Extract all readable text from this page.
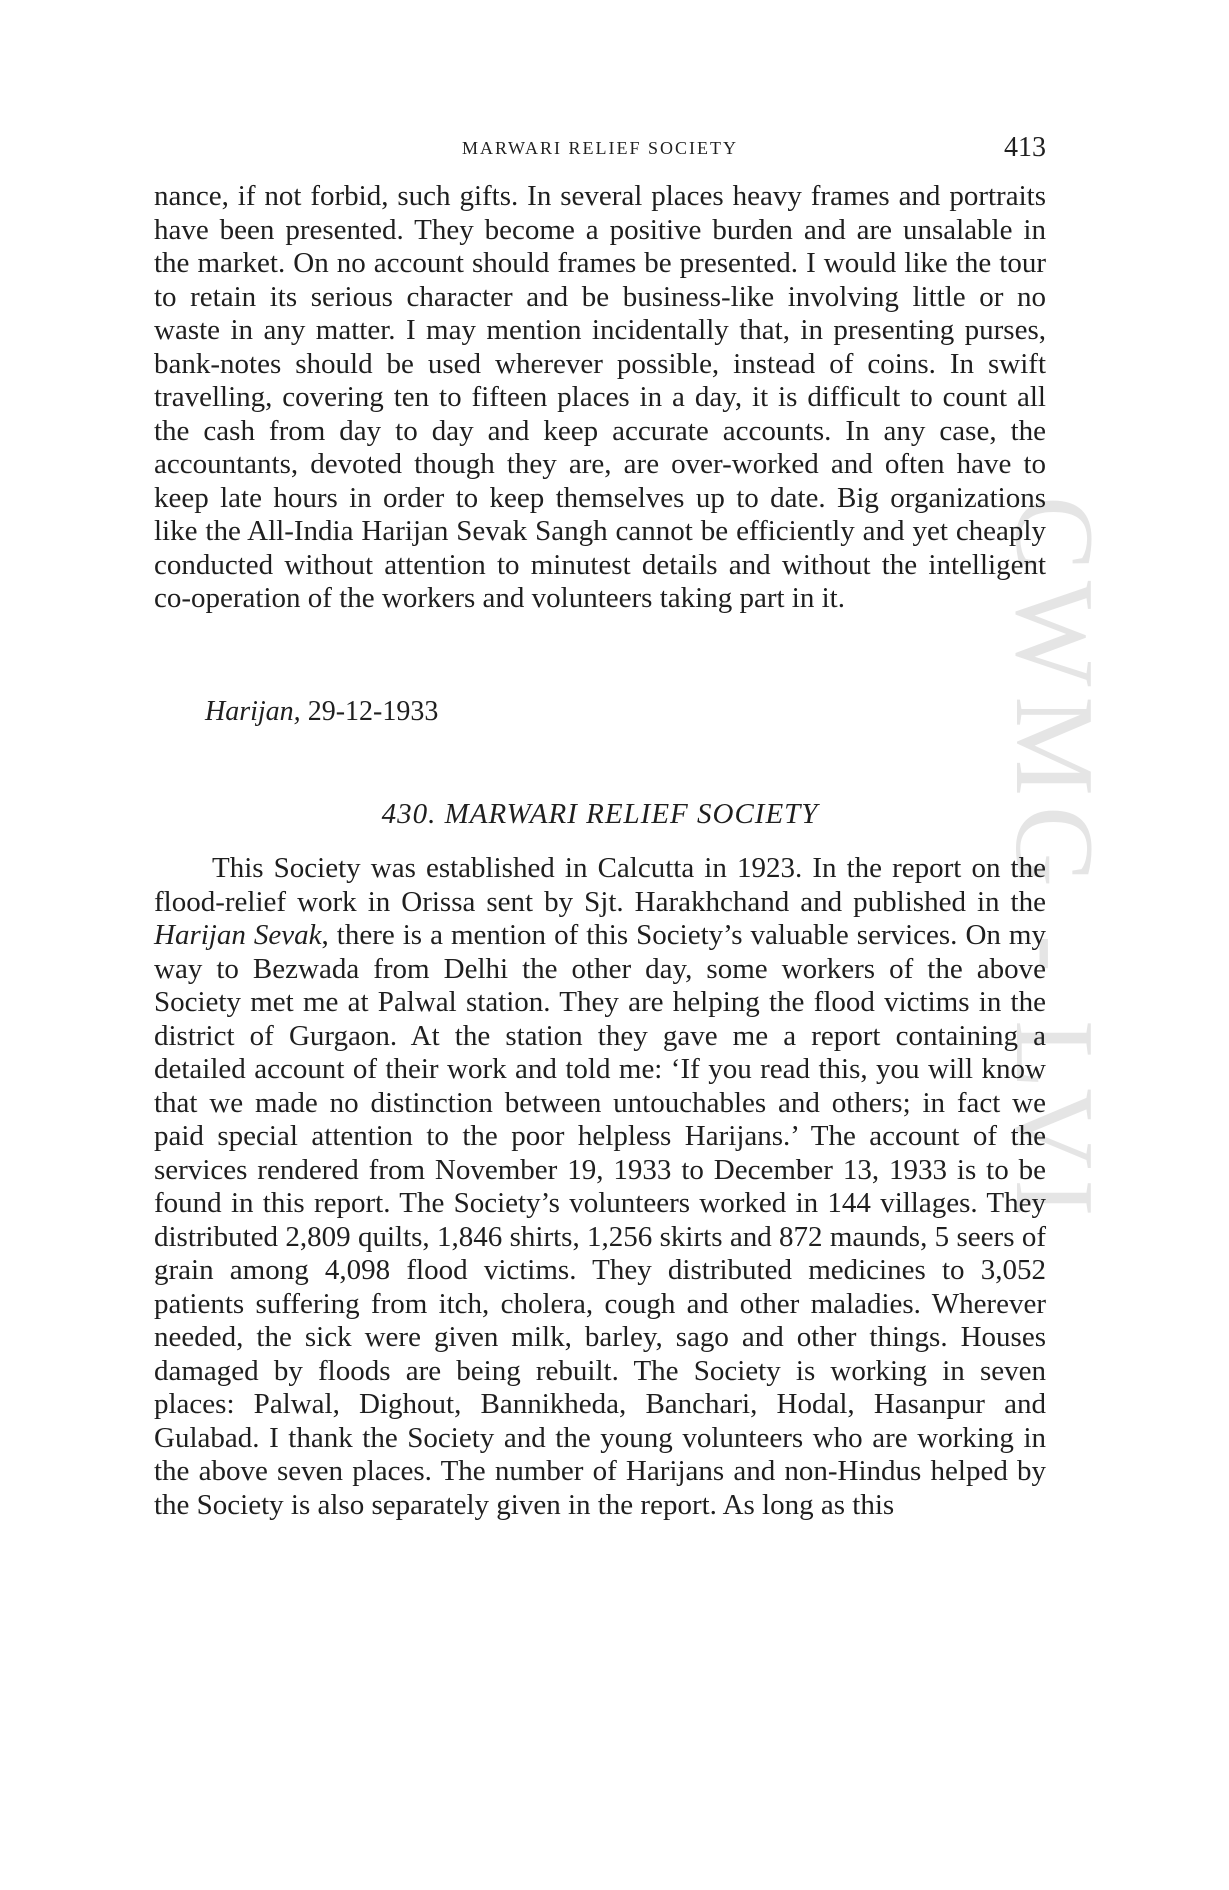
CWMG - LVI
MARWARI RELIEF SOCIETY	413

nance, if not forbid, such gifts. In several places heavy frames and portraits have been presented. They become a positive burden and are unsalable in the market. On no account should frames be presented. I would like the tour to retain its serious character and be business-like involving little or no waste in any matter. I may mention incidentally that, in presenting purses, bank-notes should be used wherever possible, instead of coins. In swift travelling, covering ten to fifteen places in a day, it is difficult to count all the cash from day to day and keep accurate accounts. In any case, the accountants, devoted though they are, are over-worked and often have to keep late hours in order to keep themselves up to date. Big organizations like the All-India Harijan Sevak Sangh cannot be efficiently and yet cheaply conducted without attention to minutest details and without the intelligent co-operation of the workers and volunteers taking part in it.

Harijan, 29-12-1933
430. MARWARI RELIEF SOCIETY

This Society was established in Calcutta in 1923. In the report on the flood-relief work in Orissa sent by Sjt. Harakhchand and published in the Harijan Sevak, there is a mention of this Society’s valuable services. On my way to Bezwada from Delhi the other day, some workers of the above Society met me at Palwal station. They are helping the flood victims in the district of Gurgaon. At the station they gave me a report containing a detailed account of their work and told me: ‘If you read this, you will know that we made no distinction between untouchables and others; in fact we paid special attention to the poor helpless Harijans.’ The account of the services rendered from November 19, 1933 to December 13, 1933 is to be found in this report. The Society’s volunteers worked in 144 villages. They distributed 2,809 quilts, 1,846 shirts, 1,256 skirts and 872 maunds, 5 seers of grain among 4,098 flood victims. They distributed medicines to 3,052 patients suffering from itch, cholera, cough and other maladies. Wherever needed, the sick were given milk, barley, sago and other things. Houses damaged by floods are being rebuilt. The Society is working in seven places: Palwal, Dighout, Bannikheda, Banchari, Hodal, Hasanpur and Gulabad. I thank the Society and the young volunteers who are working in the above seven places. The number of Harijans and non-Hindus helped by the Society is also separately given in the report. As long as this
